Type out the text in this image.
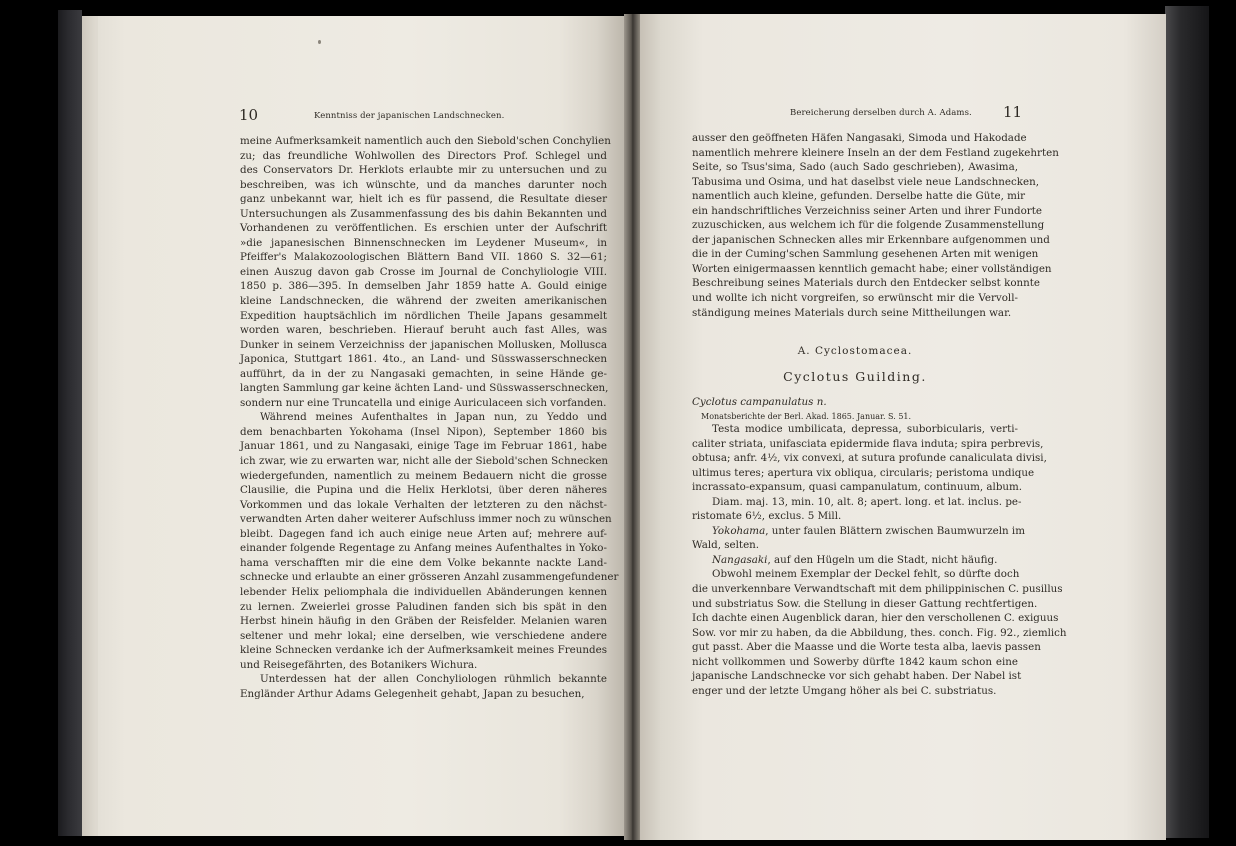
10	Kenntniss der japanischen Landschnecken.
meine Aufmerksamkeit namentlich auch den Siebold'schen Conchylien
zu; das freundliche Wohlwollen des Directors Prof. Schlegel und
des Conservators Dr. Herklots erlaubte mir zu untersuchen und zu
beschreiben, was ich wünschte, und da manches darunter noch
ganz unbekannt war, hielt ich es für passend, die Resultate dieser
Untersuchungen als Zusammenfassung des bis dahin Bekannten und
Vorhandenen zu veröffentlichen. Es erschien unter der Aufschrift
»die japanesischen Binnenschnecken im Leydener Museum«, in
Pfeiffer's Malakozoologischen Blättern Band VII. 1860 S. 32—61;
einen Auszug davon gab Crosse im Journal de Conchyliologie VIII.
1850 p. 386—395. In demselben Jahr 1859 hatte A. Gould einige
kleine Landschnecken, die während der zweiten amerikanischen
Expedition hauptsächlich im nördlichen Theile Japans gesammelt
worden waren, beschrieben. Hierauf beruht auch fast Alles, was
Dunker in seinem Verzeichniss der japanischen Mollusken, Mollusca
Japonica, Stuttgart 1861. 4to., an Land- und Süsswasserschnecken
aufführt, da in der zu Nangasaki gemachten, in seine Hände ge-
langten Sammlung gar keine ächten Land- und Süsswasserschnecken,
sondern nur eine Truncatella und einige Auriculaceen sich vorfanden.
Während meines Aufenthaltes in Japan nun, zu Yeddo und
dem benachbarten Yokohama (Insel Nipon), September 1860 bis
Januar 1861, und zu Nangasaki, einige Tage im Februar 1861, habe
ich zwar, wie zu erwarten war, nicht alle der Siebold'schen Schnecken
wiedergefunden, namentlich zu meinem Bedauern nicht die grosse
Clausilie, die Pupina und die Helix Herklotsi, über deren näheres
Vorkommen und das lokale Verhalten der letzteren zu den nächst-
verwandten Arten daher weiterer Aufschluss immer noch zu wünschen
bleibt. Dagegen fand ich auch einige neue Arten auf; mehrere auf-
einander folgende Regentage zu Anfang meines Aufenthaltes in Yoko-
hama verschafften mir die eine dem Volke bekannte nackte Land-
schnecke und erlaubte an einer grösseren Anzahl zusammengefundener
lebender Helix peliomphala die individuellen Abänderungen kennen
zu lernen. Zweierlei grosse Paludinen fanden sich bis spät in den
Herbst hinein häufig in den Gräben der Reisfelder. Melanien waren
seltener und mehr lokal; eine derselben, wie verschiedene andere
kleine Schnecken verdanke ich der Aufmerksamkeit meines Freundes
und Reisegefährten, des Botanikers Wichura.
Unterdessen hat der allen Conchyliologen rühmlich bekannte
Engländer Arthur Adams Gelegenheit gehabt, Japan zu besuchen,
Bereicherung derselben durch A. Adams. 11
ausser den geöffneten Häfen Nangasaki, Simoda und Hakodade
namentlich mehrere kleinere Inseln an der dem Festland zugekehrten
Seite, so Tsus'sima, Sado (auch Sado geschrieben), Awasima,
Tabusima und Osima, und hat daselbst viele neue Landschnecken,
namentlich auch kleine, gefunden. Derselbe hatte die Güte, mir
ein handschriftliches Verzeichniss seiner Arten und ihrer Fundorte
zuzuschicken, aus welchem ich für die folgende Zusammenstellung
der japanischen Schnecken alles mir Erkennbare aufgenommen und
die in der Cuming'schen Sammlung gesehenen Arten mit wenigen
Worten einigermaassen kenntlich gemacht habe; einer vollständigen
Beschreibung seines Materials durch den Entdecker selbst konnte
und wollte ich nicht vorgreifen, so erwünscht mir die Vervoll-
ständigung meines Materials durch seine Mittheilungen war.
A. Cyclostomacea.
Cyclotus Guilding.
Cyclotus campanulatus n.
Monatsberichte der Berl. Akad. 1865. Januar. S. 51.
Testa modice umbilicata, depressa, suborbicularis, verti-
caliter striata, unifasciata epidermide flava induta; spira perbrevis,
obtusa; anfr. 4½, vix convexi, at sutura profunde canaliculata divisi,
ultimus teres; apertura vix obliqua, circularis; peristoma undique
incrassato-expansum, quasi campanulatum, continuum, album.
Diam. maj. 13, min. 10, alt. 8; apert. long. et lat. inclus. pe-
ristomate 6½, exclus. 5 Mill.
Yokohama, unter faulen Blättern zwischen Baumwurzeln im
Wald, selten.
Nangasaki, auf den Hügeln um die Stadt, nicht häufig.
Obwohl meinem Exemplar der Deckel fehlt, so dürfte doch
die unverkennbare Verwandtschaft mit dem philippinischen C. pusillus
und substriatus Sow. die Stellung in dieser Gattung rechtfertigen.
Ich dachte einen Augenblick daran, hier den verschollenen C. exiguus
Sow. vor mir zu haben, da die Abbildung, thes. conch. Fig. 92., ziemlich
gut passt. Aber die Maasse und die Worte testa alba, laevis passen
nicht vollkommen und Sowerby dürfte 1842 kaum schon eine
japanische Landschnecke vor sich gehabt haben. Der Nabel ist
enger und der letzte Umgang höher als bei C. substriatus.
